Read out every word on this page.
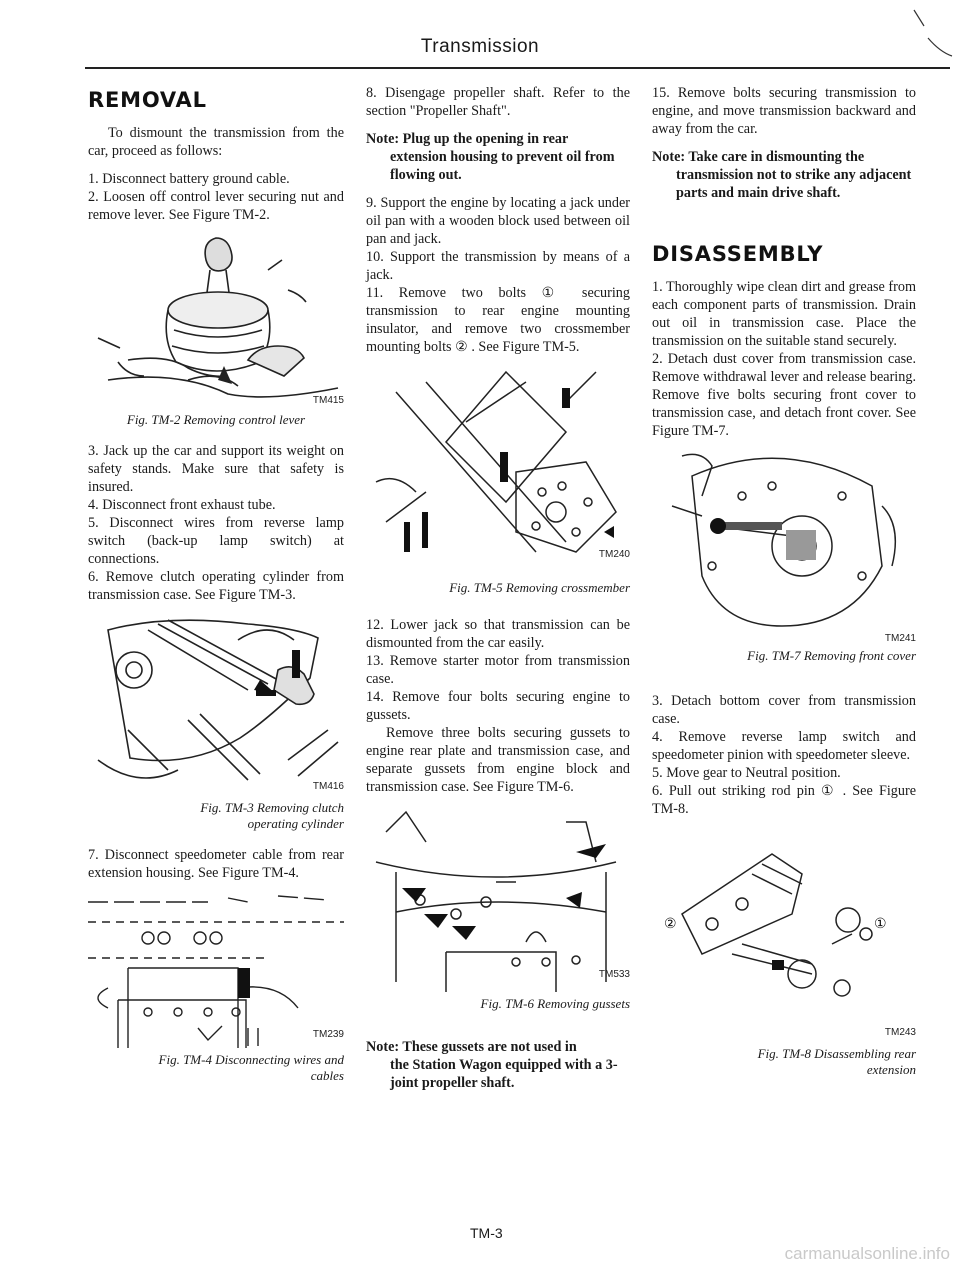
Transmission
REMOVAL

To dismount the transmission from the car, proceed as follows:

1. Disconnect battery ground cable.

2. Loosen off control lever securing nut and remove lever. See Figure TM-2.

TM415
Fig. TM-2 Removing control lever

3. Jack up the car and support its weight on safety stands. Make sure that safety is insured.

4. Disconnect front exhaust tube.

5. Disconnect wires from reverse lamp switch (back-up lamp switch) at connections.

6. Remove clutch operating cylinder from transmission case. See Figure TM-3.

TM416
Fig. TM-3 Removing clutch
operating cylinder

7. Disconnect speedometer cable from rear extension housing. See Figure TM-4.

TM239
Fig. TM-4 Disconnecting wires and
cables

8. Disengage propeller shaft. Refer to the section "Propeller Shaft".

Note: Plug up the opening in rear
extension housing to prevent oil from flowing out.

9. Support the engine by locating a jack under oil pan with a wooden block used between oil pan and jack.

10. Support the transmission by means of a jack.

11. Remove two bolts ① securing transmission to rear engine mounting insulator, and remove two crossmember mounting bolts ② . See Figure TM-5.

TM240
Fig. TM-5 Removing crossmember

12. Lower jack so that transmission can be dismounted from the car easily.

13. Remove starter motor from transmission case.

14. Remove four bolts securing engine to gussets.

Remove three bolts securing gussets to engine rear plate and transmission case, and separate gussets from engine block and transmission case. See Figure TM-6.

TM533
Fig. TM-6 Removing gussets
Note: These gussets are not used in
the Station Wagon equipped with a 3-joint propeller shaft.

15. Remove bolts securing transmission to engine, and move transmission backward and away from the car.

Note: Take care in dismounting the
transmission not to strike any adjacent parts and main drive shaft.
DISASSEMBLY

1. Thoroughly wipe clean dirt and grease from each component parts of transmission. Drain out oil in transmission case. Place the transmission on the suitable stand securely.

2. Detach dust cover from transmission case. Remove withdrawal lever and release bearing. Remove five bolts securing front cover to transmission case, and detach front cover. See Figure TM-7.

TM241
Fig. TM-7 Removing front cover

3. Detach bottom cover from transmission case.

4. Remove reverse lamp switch and speedometer pinion with speedometer sleeve.

5. Move gear to Neutral position.

6. Pull out striking rod pin ① . See Figure TM-8.

②	①
TM243
Fig. TM-8 Disassembling rear
extension
TM-3
carmanualsonline.info
